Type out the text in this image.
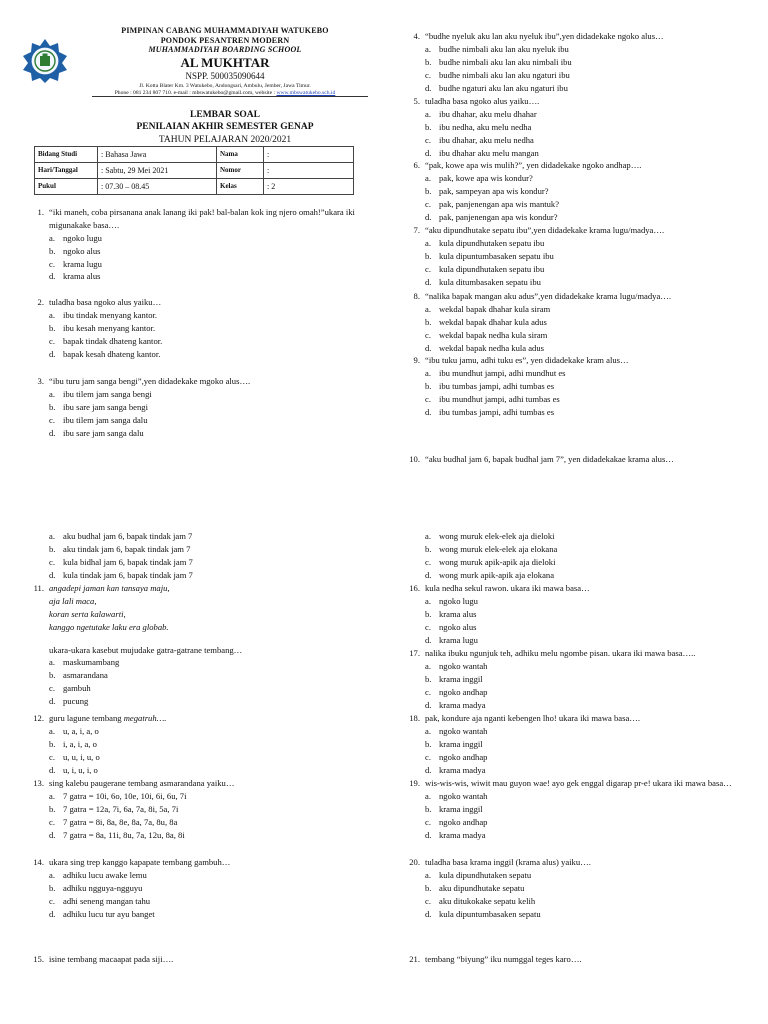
PIMPINAN CABANG MUHAMMADIYAH WATUKEBO
PONDOK PESANTREN MODERN
MUHAMMADIYAH BOARDING SCHOOL
AL MUKHTAR
NSPP. 500035090644
Jl. Kotta Blater Km. 3 Watukebo, Andongsari, Ambulu, Jember, Jawa Timur.
Phone : 081 234 807 710. e-mail : mbswatukebo@gmail.com, website : www.mbswatukebo.sch.id
LEMBAR SOAL
PENILAIAN AKHIR SEMESTER GENAP
TAHUN PELAJARAN 2020/2021
Bidang Studi	: Bahasa Jawa	Nama	:
Hari/Tanggal	: Sabtu, 29 Mei 2021	Nomor	:
Pukul	: 07.30 – 08.45	Kelas	: 2
1. “iki maneh, coba pirsanana anak lanang iki pak! bal-balan kok ing njero omah!”ukara iki migunakake basa….
a. ngoko lugu
b. ngoko alus
c. krama lugu
d. krama alus
2. tuladha basa ngoko alus yaiku…
a. ibu tindak menyang kantor.
b. ibu kesah menyang kantor.
c. bapak tindak dhateng kantor.
d. bapak kesah dhateng kantor.
3. “ibu turu jam sanga bengi”,yen didadekake mgoko alus….
a. ibu tilem jam sanga bengi
b. ibu sare jam sanga bengi
c. ibu tilem jam sanga dalu
d. ibu sare jam sanga dalu
a. aku budhal jam 6, bapak tindak jam 7
b. aku tindak jam 6, bapak tindak jam 7
c. kula bidhal jam 6, bapak tindak jam 7
d. kula tindak jam 6, bapak tindak jam 7
11. angadepi jaman kan tansaya maju,
aja lali maca,
koran serta kalawarti,
kanggo ngetutake laku era globab.
ukara-ukara kasebut mujudake gatra-gatrane tembang…
a. maskumambang
b. asmarandana
c. gambuh
d. pucung
12. guru lagune tembang megatruh….
a. u, a, i, a, o
b. i, a, i, a, o
c. u, u, i, u, o
d. u, i, u, i, o
13. sing kalebu paugerane tembang asmarandana yaiku…
a. 7 gatra = 10i, 6o, 10e, 10i, 6i, 6u, 7i
b. 7 gatra = 12a, 7i, 6a, 7a, 8i, 5a, 7i
c. 7 gatra = 8i, 8a, 8e, 8a, 7a, 8u, 8a
d. 7 gatra = 8a, 11i, 8u, 7a, 12u, 8a, 8i
14. ukara sing trep kanggo kapapate tembang gambuh…
a. adhiku lucu awake lemu
b. adhiku ngguya-ngguyu
c. adhi seneng mangan tahu
d. adhiku lucu tur ayu banget
15. isine tembang macaapat pada siji….
4. “budhe nyeluk aku lan aku nyeluk ibu”,yen didadekake ngoko alus…
a. budhe nimbali aku lan aku nyeluk ibu
b. budhe nimbali aku lan aku nimbali ibu
c. budhe nimbali aku lan aku ngaturi ibu
d. budhe ngaturi aku lan aku ngaturi ibu
5. tuladha basa ngoko alus yaiku….
a. ibu dhahar, aku melu dhahar
b. ibu nedha, aku melu nedha
c. ibu dhahar, aku melu nedha
d. ibu dhahar aku melu mangan
6. “pak, kowe apa wis mulih?”, yen didadekake ngoko andhap….
a. pak, kowe apa wis kondur?
b. pak, sampeyan apa wis kondur?
c. pak, panjenengan apa wis mantuk?
d. pak, panjenengan apa wis kondur?
7. “aku dipundhutake sepatu ibu”,yen didadekake krama lugu/madya….
a. kula dipundhutaken sepatu ibu
b. kula dipuntumbasaken sepatu ibu
c. kula dipundhutaken sepatu ibu
d. kula ditumbasaken sepatu ibu
8. “nalika bapak mangan aku adus”,yen didadekake krama lugu/madya….
a. wekdal bapak dhahar kula siram
b. wekdal bapak dhahar kula adus
c. wekdal bapak nedha kula siram
d. wekdal bapak nedha kula adus
9. “ibu tuku jamu, adhi tuku es”, yen didadekake kram alus…
a. ibu mundhut jampi, adhi mundhut es
b. ibu tumbas jampi, adhi tumbas es
c. ibu mundhut jampi, adhi tumbas es
d. ibu tumbas jampi, adhi tumbas es
10. “aku budhal jam 6, bapak budhal jam 7”, yen didadekakae krama alus…
a. wong muruk elek-elek aja dieloki
b. wong muruk elek-elek aja elokana
c. wong muruk apik-apik aja dieloki
d. wong murk apik-apik aja elokana
16. kula nedha sekul rawon. ukara iki mawa basa…
a. ngoko lugu
b. krama alus
c. ngoko alus
d. krama lugu
17. nalika ibuku ngunjuk teh, adhiku melu ngombe pisan. ukara iki mawa basa…..
a. ngoko wantah
b. krama inggil
c. ngoko andhap
d. krama madya
18. pak, kondure aja nganti kebengen lho! ukara iki mawa basa….
a. ngoko wantah
b. krama inggil
c. ngoko andhap
d. krama madya
19. wis-wis-wis, wiwit mau guyon wae! ayo gek enggal digarap pr-e! ukara iki mawa basa…
a. ngoko wantah
b. krama inggil
c. ngoko andhap
d. krama madya
20. tuladha basa krama inggil (krama alus) yaiku….
a. kula dipundhutaken sepatu
b. aku dipundhutake sepatu
c. aku ditukokake sepatu kelih
d. kula dipuntumbasaken sepatu
21. tembang “biyung” iku numggal teges karo….
